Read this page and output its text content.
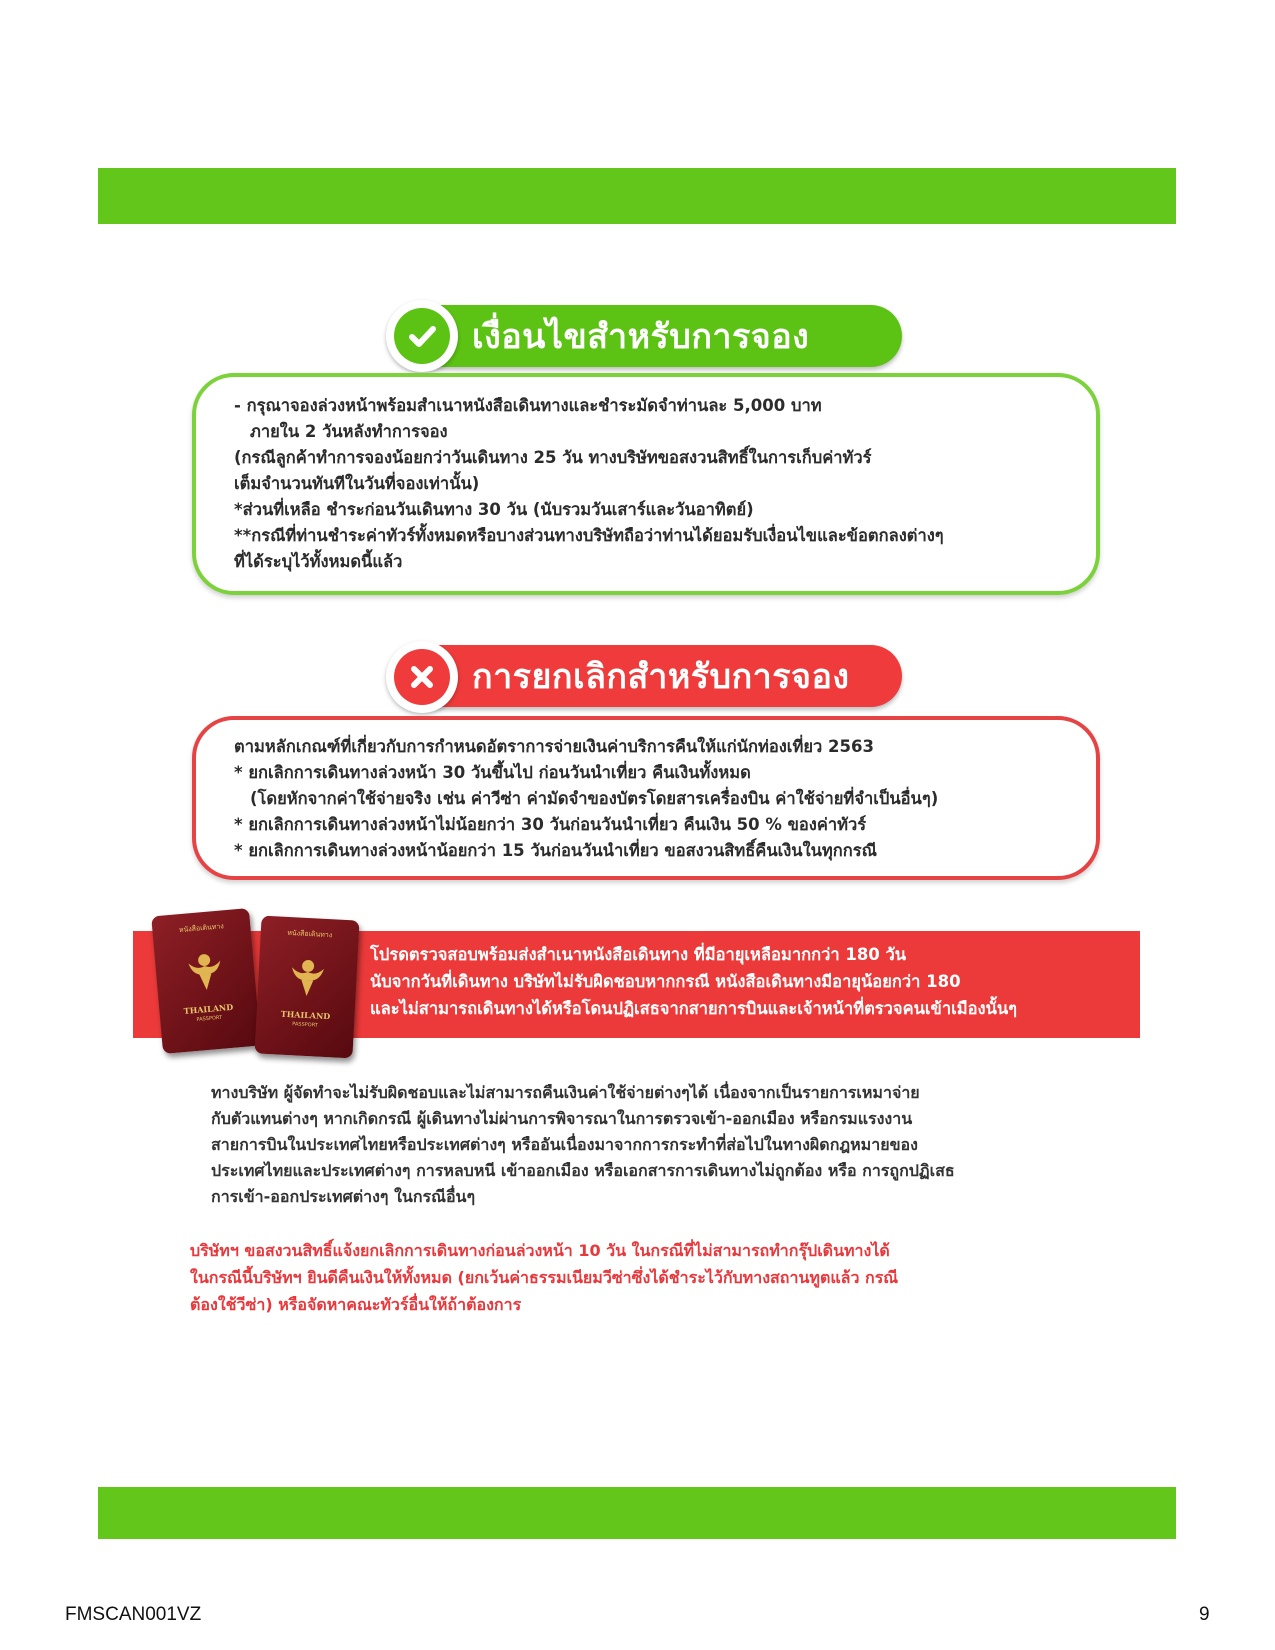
เงื่อนไขสำหรับการจอง
- กรุณาจองล่วงหน้าพร้อมสำเนาหนังสือเดินทางและชำระมัดจำท่านละ 5,000 บาท
ภายใน 2 วันหลังทำการจอง
(กรณีลูกค้าทำการจองน้อยกว่าวันเดินทาง 25 วัน ทางบริษัทขอสงวนสิทธิ์ในการเก็บค่าทัวร์
เต็มจำนวนทันทีในวันที่จองเท่านั้น)
*ส่วนที่เหลือ ชำระก่อนวันเดินทาง 30 วัน (นับรวมวันเสาร์และวันอาทิตย์)
**กรณีที่ท่านชำระค่าทัวร์ทั้งหมดหรือบางส่วนทางบริษัทถือว่าท่านได้ยอมรับเงื่อนไขและข้อตกลงต่างๆ
ที่ได้ระบุไว้ทั้งหมดนี้แล้ว
การยกเลิกสำหรับการจอง
ตามหลักเกณฑ์ที่เกี่ยวกับการกำหนดอัตราการจ่ายเงินค่าบริการคืนให้แก่นักท่องเที่ยว 2563
* ยกเลิกการเดินทางล่วงหน้า 30 วันขึ้นไป ก่อนวันนำเที่ยว คืนเงินทั้งหมด
(โดยหักจากค่าใช้จ่ายจริง เช่น ค่าวีซ่า ค่ามัดจำของบัตรโดยสารเครื่องบิน ค่าใช้จ่ายที่จำเป็นอื่นๆ)
* ยกเลิกการเดินทางล่วงหน้าไม่น้อยกว่า 30 วันก่อนวันนำเที่ยว คืนเงิน 50 % ของค่าทัวร์
* ยกเลิกการเดินทางล่วงหน้าน้อยกว่า 15 วันก่อนวันนำเที่ยว ขอสงวนสิทธิ์คืนเงินในทุกกรณี
โปรดตรวจสอบพร้อมส่งสำเนาหนังสือเดินทาง ที่มีอายุเหลือมากกว่า 180 วัน
นับจากวันที่เดินทาง บริษัทไม่รับผิดชอบหากกรณี หนังสือเดินทางมีอายุน้อยกว่า 180
และไม่สามารถเดินทางได้หรือโดนปฏิเสธจากสายการบินและเจ้าหน้าที่ตรวจคนเข้าเมืองนั้นๆ
หนังสือเดินทาง
THAILAND
PASSPORT
หนังสือเดินทาง
THAILAND
PASSPORT
ทางบริษัท ผู้จัดทำจะไม่รับผิดชอบและไม่สามารถคืนเงินค่าใช้จ่ายต่างๆได้ เนื่องจากเป็นรายการเหมาจ่าย
กับตัวแทนต่างๆ หากเกิดกรณี ผู้เดินทางไม่ผ่านการพิจารณาในการตรวจเข้า-ออกเมือง หรือกรมแรงงาน
สายการบินในประเทศไทยหรือประเทศต่างๆ หรืออันเนื่องมาจากการกระทำที่ส่อไปในทางผิดกฎหมายของ
ประเทศไทยและประเทศต่างๆ การหลบหนี เข้าออกเมือง หรือเอกสารการเดินทางไม่ถูกต้อง หรือ การถูกปฏิเสธ
การเข้า-ออกประเทศต่างๆ ในกรณีอื่นๆ
บริษัทฯ ขอสงวนสิทธิ์แจ้งยกเลิกการเดินทางก่อนล่วงหน้า 10 วัน ในกรณีที่ไม่สามารถทำกรุ๊ปเดินทางได้
ในกรณีนี้บริษัทฯ ยินดีคืนเงินให้ทั้งหมด (ยกเว้นค่าธรรมเนียมวีซ่าซึ่งได้ชำระไว้กับทางสถานทูตแล้ว กรณี
ต้องใช้วีซ่า) หรือจัดหาคณะทัวร์อื่นให้ถ้าต้องการ
FMSCAN001VZ	9
